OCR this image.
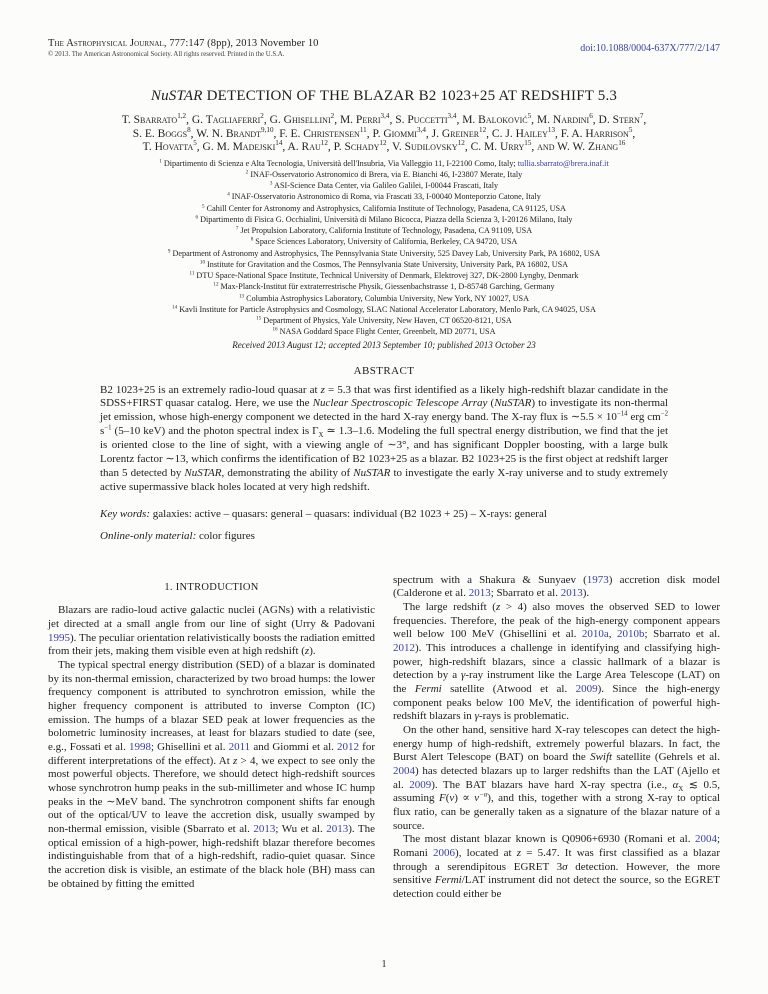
The Astrophysical Journal, 777:147 (8pp), 2013 November 10
© 2013. The American Astronomical Society. All rights reserved. Printed in the U.S.A.
doi:10.1088/0004-637X/777/2/147
NuSTAR DETECTION OF THE BLAZAR B2 1023+25 AT REDSHIFT 5.3
T. Sbarrato$^{1,2}$, G. Tagliaferri$^2$, G. Ghisellini$^2$, M. Perri$^{3,4}$, S. Puccetti$^{3,4}$, M. Baloković$^5$, M. Nardini$^6$, D. Stern$^7$,
S. E. Boggs$^8$, W. N. Brandt$^{9,10}$, F. E. Christensen$^{11}$, P. Giommi$^{3,4}$, J. Greiner$^{12}$, C. J. Hailey$^{13}$, F. A. Harrison$^5$,
T. Hovatta$^5$, G. M. Madejski$^{14}$, A. Rau$^{12}$, P. Schady$^{12}$, V. Sudilovsky$^{12}$, C. M. Urry$^{15}$, and W. W. Zhang$^{16}$
$^1$ Dipartimento di Scienza e Alta Tecnologia, Università dell'Insubria, Via Valleggio 11, I-22100 Como, Italy; tullia.sbarrato@brera.inaf.it
$^2$ INAF-Osservatorio Astronomico di Brera, via E. Bianchi 46, I-23807 Merate, Italy
$^3$ ASI-Science Data Center, via Galileo Galilei, I-00044 Frascati, Italy
$^4$ INAF-Osservatorio Astronomico di Roma, via Frascati 33, I-00040 Monteporzio Catone, Italy
$^5$ Cahill Center for Astronomy and Astrophysics, California Institute of Technology, Pasadena, CA 91125, USA
$^6$ Dipartimento di Fisica G. Occhialini, Università di Milano Bicocca, Piazza della Scienza 3, I-20126 Milano, Italy
$^7$ Jet Propulsion Laboratory, California Institute of Technology, Pasadena, CA 91109, USA
$^8$ Space Sciences Laboratory, University of California, Berkeley, CA 94720, USA
$^9$ Department of Astronomy and Astrophysics, The Pennsylvania State University, 525 Davey Lab, University Park, PA 16802, USA
$^{10}$ Institute for Gravitation and the Cosmos, The Pennsylvania State University, University Park, PA 16802, USA
$^{11}$ DTU Space-National Space Institute, Technical University of Denmark, Elektrovej 327, DK-2800 Lyngby, Denmark
$^{12}$ Max-Planck-Institut für extraterrestrische Physik, Giessenbachstrasse 1, D-85748 Garching, Germany
$^{13}$ Columbia Astrophysics Laboratory, Columbia University, New York, NY 10027, USA
$^{14}$ Kavli Institute for Particle Astrophysics and Cosmology, SLAC National Accelerator Laboratory, Menlo Park, CA 94025, USA
$^{15}$ Department of Physics, Yale University, New Haven, CT 06520-8121, USA
$^{16}$ NASA Goddard Space Flight Center, Greenbelt, MD 20771, USA
Received 2013 August 12; accepted 2013 September 10; published 2013 October 23
ABSTRACT

B2 1023+25 is an extremely radio-loud quasar at z = 5.3 that was first identified as a likely high-redshift blazar candidate in the SDSS+FIRST quasar catalog. Here, we use the Nuclear Spectroscopic Telescope Array (NuSTAR) to investigate its non-thermal jet emission, whose high-energy component we detected in the hard X-ray energy band. The X-ray flux is ∼5.5 × $10^{-14}$ erg $cm^{-2}$ $s^{-1}$ (5–10 keV) and the photon spectral index is $\Gamma_X$ ≃ 1.3–1.6. Modeling the full spectral energy distribution, we find that the jet is oriented close to the line of sight, with a viewing angle of ∼3°, and has significant Doppler boosting, with a large bulk Lorentz factor ∼13, which confirms the identification of B2 1023+25 as a blazar. B2 1023+25 is the first object at redshift larger than 5 detected by NuSTAR, demonstrating the ability of NuSTAR to investigate the early X-ray universe and to study extremely active supermassive black holes located at very high redshift.

Key words: galaxies: active – quasars: general – quasars: individual (B2 1023 + 25) – X-rays: general

Online-only material: color figures

1. INTRODUCTION

Blazars are radio-loud active galactic nuclei (AGNs) with a relativistic jet directed at a small angle from our line of sight (Urry & Padovani 1995). The peculiar orientation relativistically boosts the radiation emitted from their jets, making them visible even at high redshift (z).

The typical spectral energy distribution (SED) of a blazar is dominated by its non-thermal emission, characterized by two broad humps: the lower frequency component is attributed to synchrotron emission, while the higher frequency component is attributed to inverse Compton (IC) emission. The humps of a blazar SED peak at lower frequencies as the bolometric luminosity increases, at least for blazars studied to date (see, e.g., Fossati et al. 1998; Ghisellini et al. 2011 and Giommi et al. 2012 for different interpretations of the effect). At z > 4, we expect to see only the most powerful objects. Therefore, we should detect high-redshift sources whose synchrotron hump peaks in the sub-millimeter and whose IC hump peaks in the ∼MeV band. The synchrotron component shifts far enough out of the optical/UV to leave the accretion disk, usually swamped by non-thermal emission, visible (Sbarrato et al. 2013; Wu et al. 2013). The optical emission of a high-power, high-redshift blazar therefore becomes indistinguishable from that of a high-redshift, radio-quiet quasar. Since the accretion disk is visible, an estimate of the black hole (BH) mass can be obtained by fitting the emitted

spectrum with a Shakura & Sunyaev (1973) accretion disk model (Calderone et al. 2013; Sbarrato et al. 2013).

The large redshift (z > 4) also moves the observed SED to lower frequencies. Therefore, the peak of the high-energy component appears well below 100 MeV (Ghisellini et al. 2010a, 2010b; Sbarrato et al. 2012). This introduces a challenge in identifying and classifying high-power, high-redshift blazars, since a classic hallmark of a blazar is detection by a γ-ray instrument like the Large Area Telescope (LAT) on the Fermi satellite (Atwood et al. 2009). Since the high-energy component peaks below 100 MeV, the identification of powerful high-redshift blazars in γ-rays is problematic.

On the other hand, sensitive hard X-ray telescopes can detect the high-energy hump of high-redshift, extremely powerful blazars. In fact, the Burst Alert Telescope (BAT) on board the Swift satellite (Gehrels et al. 2004) has detected blazars up to larger redshifts than the LAT (Ajello et al. 2009). The BAT blazars have hard X-ray spectra (i.e., $\alpha_X$ ≲ 0.5, assuming $F(\nu) \propto \nu^{-\alpha}$), and this, together with a strong X-ray to optical flux ratio, can be generally taken as a signature of the blazar nature of a source.

The most distant blazar known is Q0906+6930 (Romani et al. 2004; Romani 2006), located at z = 5.47. It was first classified as a blazar through a serendipitous EGRET 3σ detection. However, the more sensitive Fermi/LAT instrument did not detect the source, so the EGRET detection could either be

1
